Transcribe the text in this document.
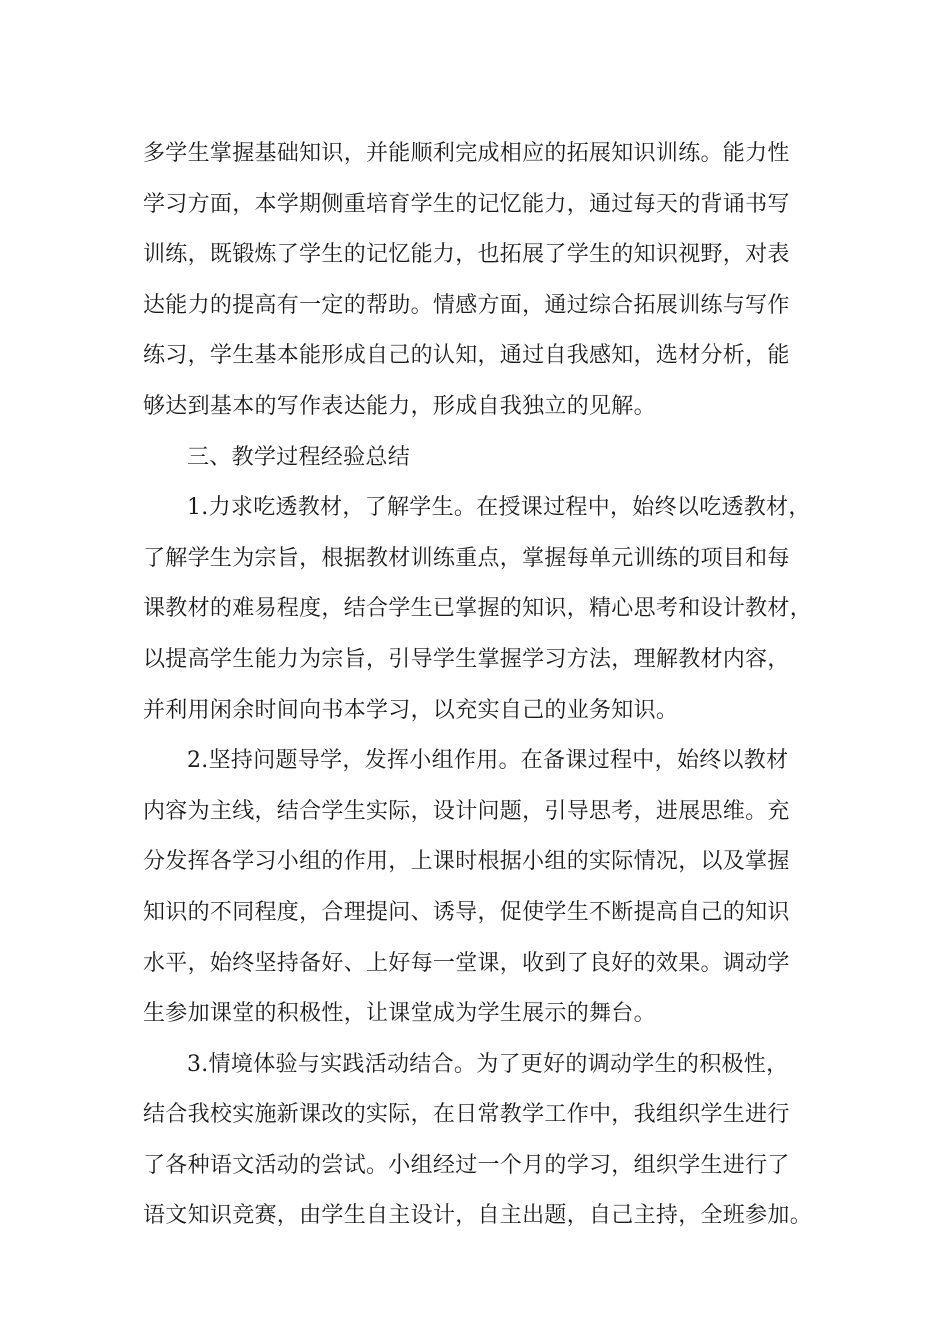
多学生掌握基础知识，并能顺利完成相应的拓展知识训练。能力性
学习方面，本学期侧重培育学生的记忆能力，通过每天的背诵书写
训练，既锻炼了学生的记忆能力，也拓展了学生的知识视野，对表
达能力的提高有一定的帮助。情感方面，通过综合拓展训练与写作
练习，学生基本能形成自己的认知，通过自我感知，选材分析，能
够达到基本的写作表达能力，形成自我独立的见解。
三、教学过程经验总结
1.力求吃透教材，了解学生。在授课过程中，始终以吃透教材，
了解学生为宗旨，根据教材训练重点，掌握每单元训练的项目和每
课教材的难易程度，结合学生已掌握的知识，精心思考和设计教材，
以提高学生能力为宗旨，引导学生掌握学习方法，理解教材内容，
并利用闲余时间向书本学习，以充实自己的业务知识。
2.坚持问题导学，发挥小组作用。在备课过程中，始终以教材
内容为主线，结合学生实际，设计问题，引导思考，进展思维。充
分发挥各学习小组的作用，上课时根据小组的实际情况，以及掌握
知识的不同程度，合理提问、诱导，促使学生不断提高自己的知识
水平，始终坚持备好、上好每一堂课，收到了良好的效果。调动学
生参加课堂的积极性，让课堂成为学生展示的舞台。
3.情境体验与实践活动结合。为了更好的调动学生的积极性，
结合我校实施新课改的实际，在日常教学工作中，我组织学生进行
了各种语文活动的尝试。小组经过一个月的学习，组织学生进行了
语文知识竞赛，由学生自主设计，自主出题，自己主持，全班参加。
